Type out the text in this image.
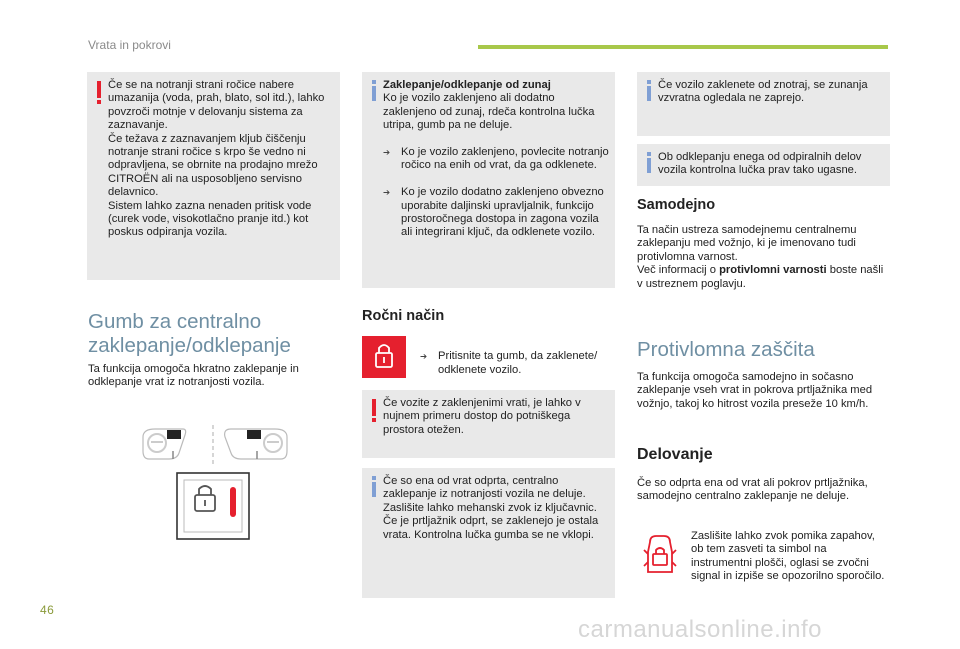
Vrata in pokrovi
Če se na notranji strani ročice nabere umazanija (voda, prah, blato, sol itd.), lahko povzroči motnje v delovanju sistema za zaznavanje.
Če težava z zaznavanjem kljub čiščenju notranje strani ročice s krpo še vedno ni odpravljena, se obrnite na prodajno mrežo CITROËN ali na usposobljeno servisno delavnico.
Sistem lahko zazna nenaden pritisk vode (curek vode, visokotlačno pranje itd.) kot poskus odpiranja vozila.
Gumb za centralno
zaklepanje/odklepanje
Ta funkcija omogoča hkratno zaklepanje in odklepanje vrat iz notranjosti vozila.
Zaklepanje/odklepanje od zunaj
Ko je vozilo zaklenjeno ali dodatno zaklenjeno od zunaj, rdeča kontrolna lučka utripa, gumb pa ne deluje.

➔ Ko je vozilo zaklenjeno, povlecite notranjo ročico na enih od vrat, da ga odklenete.

➔ Ko je vozilo dodatno zaklenjeno obvezno uporabite daljinski upravljalnik, funkcijo prostoročnega dostopa in zagona vozila ali integrirani ključ, da odklenete vozilo.

Ročni način

➔ Pritisnite ta gumb, da zaklenete/ odklenete vozilo.

Če vozite z zaklenjenimi vrati, je lahko v nujnem primeru dostop do potniškega prostora otežen.
Če so ena od vrat odprta, centralno zaklepanje iz notranjosti vozila ne deluje. Zaslišite lahko mehanski zvok iz ključavnic.
Če je prtljažnik odprt, se zaklenejo je ostala vrata. Kontrolna lučka gumba se ne vklopi.
Če vozilo zaklenete od znotraj, se zunanja vzvratna ogledala ne zaprejo.
Ob odklepanju enega od odpiralnih delov vozila kontrolna lučka prav tako ugasne.
Samodejno
Ta način ustreza samodejnemu centralnemu zaklepanju med vožnjo, ki je imenovano tudi protivlomna varnost.
Več informacij o protivlomni varnosti boste našli v ustreznem poglavju.
Protivlomna zaščita
Ta funkcija omogoča samodejno in sočasno zaklepanje vseh vrat in pokrova prtljažnika med vožnjo, takoj ko hitrost vozila preseže 10 km/h.
Delovanje
Če so odprta ena od vrat ali pokrov prtljažnika, samodejno centralno zaklepanje ne deluje.
Zaslišite lahko zvok pomika zapahov, ob tem zasveti ta simbol na instrumentni plošči, oglasi se zvočni signal in izpiše se opozorilno sporočilo.
46
carmanualsonline.info
